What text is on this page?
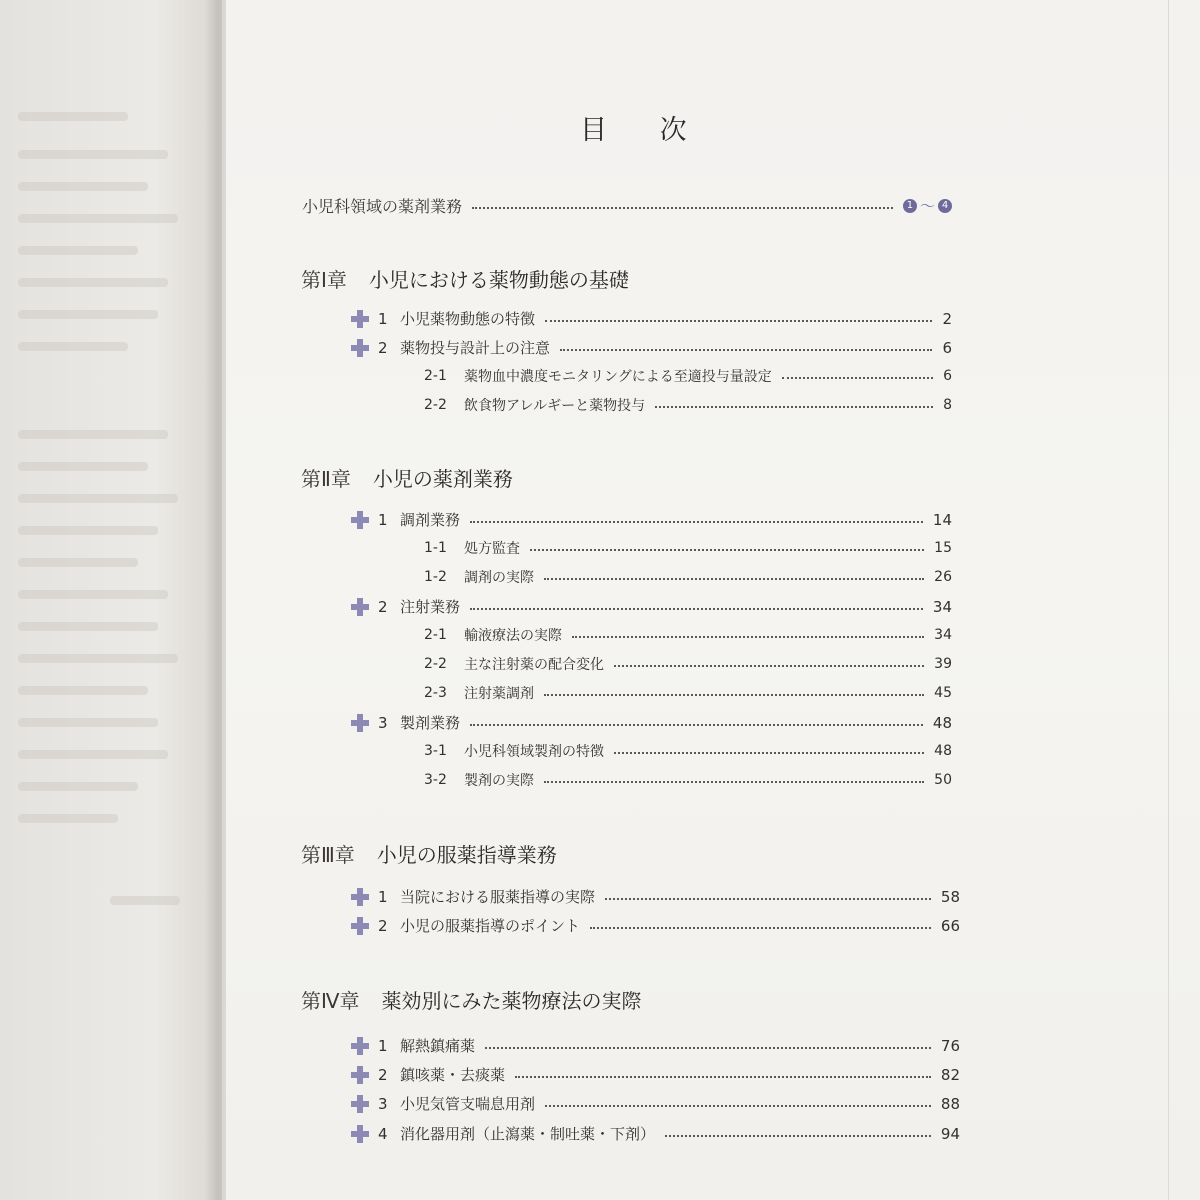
目 次
小児科領域の薬剤業務	1 ～ 4
第Ⅰ章 小児における薬物動態の基礎
1 小児薬物動態の特徴	2
2 薬物投与設計上の注意	6
2-1	薬物血中濃度モニタリングによる至適投与量設定	6
2-2	飲食物アレルギーと薬物投与	8
第Ⅱ章 小児の薬剤業務
1 調剤業務	14
1-1	処方監査	15
1-2	調剤の実際	26
2 注射業務	34
2-1	輸液療法の実際	34
2-2	主な注射薬の配合変化	39
2-3	注射薬調剤	45
3 製剤業務	48
3-1	小児科領域製剤の特徴	48
3-2	製剤の実際	50
第Ⅲ章 小児の服薬指導業務
1 当院における服薬指導の実際	58
2 小児の服薬指導のポイント	66
第Ⅳ章 薬効別にみた薬物療法の実際
1 解熱鎮痛薬	76
2 鎮咳薬・去痰薬	82
3 小児気管支喘息用剤	88
4 消化器用剤（止瀉薬・制吐薬・下剤）	94
